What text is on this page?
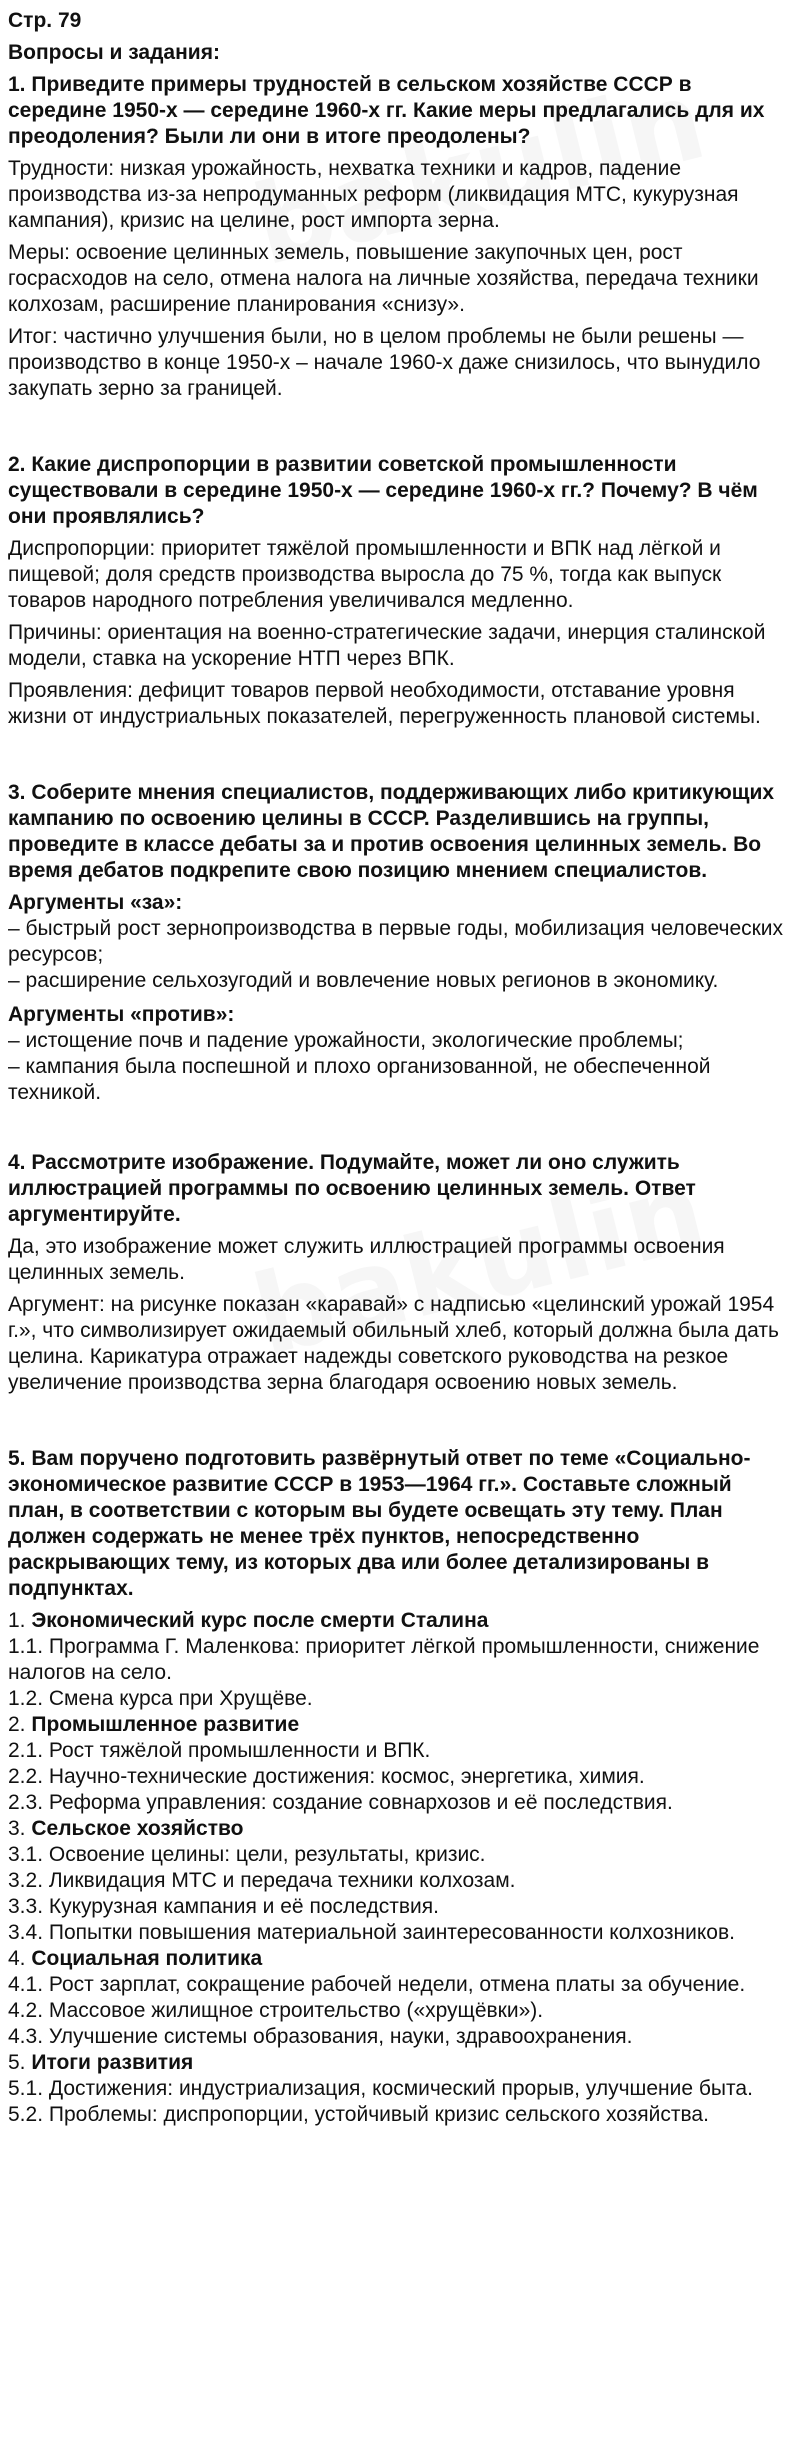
Стр. 79
Вопросы и задания:
1. Приведите примеры трудностей в сельском хозяйстве СССР в середине 1950-х — середине 1960-х гг. Какие меры предлагались для их преодоления? Были ли они в итоге преодолены?
Трудности: низкая урожайность, нехватка техники и кадров, падение производства из-за непродуманных реформ (ликвидация МТС, кукурузная кампания), кризис на целине, рост импорта зерна.
Меры: освоение целинных земель, повышение закупочных цен, рост госрасходов на село, отмена налога на личные хозяйства, передача техники колхозам, расширение планирования «снизу».
Итог: частично улучшения были, но в целом проблемы не были решены — производство в конце 1950-х – начале 1960-х даже снизилось, что вынудило закупать зерно за границей.
2. Какие диспропорции в развитии советской промышленности существовали в середине 1950-х — середине 1960-х гг.? Почему? В чём они проявлялись?
Диспропорции: приоритет тяжёлой промышленности и ВПК над лёгкой и пищевой; доля средств производства выросла до 75 %, тогда как выпуск товаров народного потребления увеличивался медленно.
Причины: ориентация на военно-стратегические задачи, инерция сталинской модели, ставка на ускорение НТП через ВПК.
Проявления: дефицит товаров первой необходимости, отставание уровня жизни от индустриальных показателей, перегруженность плановой системы.
3. Соберите мнения специалистов, поддерживающих либо критикующих кампанию по освоению целины в СССР. Разделившись на группы, проведите в классе дебаты за и против освоения целинных земель. Во время дебатов подкрепите свою позицию мнением специалистов.
Аргументы «за»:
– быстрый рост зернопроизводства в первые годы, мобилизация человеческих ресурсов;
– расширение сельхозугодий и вовлечение новых регионов в экономику.
Аргументы «против»:
– истощение почв и падение урожайности, экологические проблемы;
– кампания была поспешной и плохо организованной, не обеспеченной техникой.
4. Рассмотрите изображение. Подумайте, может ли оно служить иллюстрацией программы по освоению целинных земель. Ответ аргументируйте.
Да, это изображение может служить иллюстрацией программы освоения целинных земель.
Аргумент: на рисунке показан «каравай» с надписью «целинский урожай 1954 г.», что символизирует ожидаемый обильный хлеб, который должна была дать целина. Карикатура отражает надежды советского руководства на резкое увеличение производства зерна благодаря освоению новых земель.
5. Вам поручено подготовить развёрнутый ответ по теме «Социально-экономическое развитие СССР в 1953—1964 гг.». Составьте сложный план, в соответствии с которым вы будете освещать эту тему. План должен содержать не менее трёх пунктов, непосредственно раскрывающих тему, из которых два или более детализированы в подпунктах.
1. Экономический курс после смерти Сталина
1.1. Программа Г. Маленкова: приоритет лёгкой промышленности, снижение налогов на село.
1.2. Смена курса при Хрущёве.
2. Промышленное развитие
2.1. Рост тяжёлой промышленности и ВПК.
2.2. Научно-технические достижения: космос, энергетика, химия.
2.3. Реформа управления: создание совнархозов и её последствия.
3. Сельское хозяйство
3.1. Освоение целины: цели, результаты, кризис.
3.2. Ликвидация МТС и передача техники колхозам.
3.3. Кукурузная кампания и её последствия.
3.4. Попытки повышения материальной заинтересованности колхозников.
4. Социальная политика
4.1. Рост зарплат, сокращение рабочей недели, отмена платы за обучение.
4.2. Массовое жилищное строительство («хрущёвки»).
4.3. Улучшение системы образования, науки, здравоохранения.
5. Итоги развития
5.1. Достижения: индустриализация, космический прорыв, улучшение быта.
5.2. Проблемы: диспропорции, устойчивый кризис сельского хозяйства.
